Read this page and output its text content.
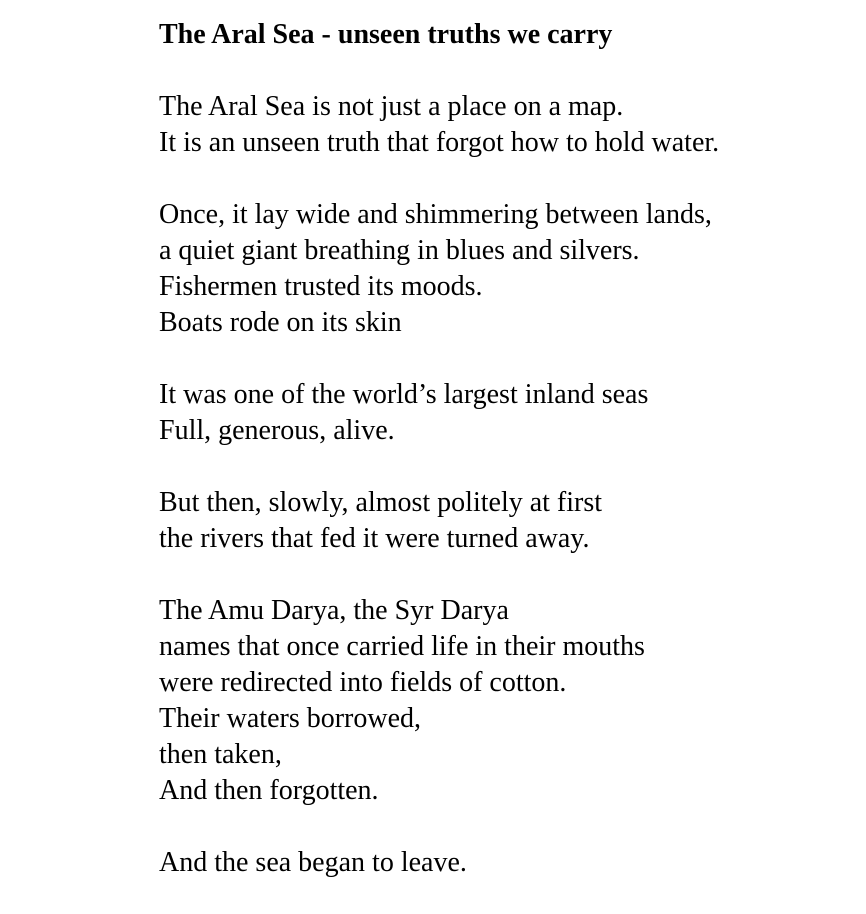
The Aral Sea - unseen truths we carry

The Aral Sea is not just a place on a map.
It is an unseen truth that forgot how to hold water.

Once, it lay wide and shimmering between lands,
a quiet giant breathing in blues and silvers.
Fishermen trusted its moods.
Boats rode on its skin

It was one of the world’s largest inland seas
Full, generous, alive.

But then, slowly, almost politely at first
the rivers that fed it were turned away.

The Amu Darya, the Syr Darya
names that once carried life in their mouths
were redirected into fields of cotton.
Their waters borrowed,
then taken,
And then forgotten.

And the sea began to leave.
